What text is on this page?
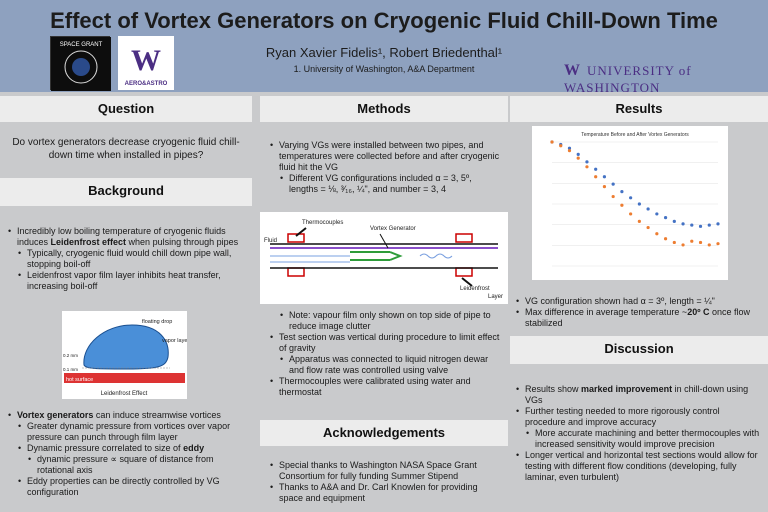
Effect of Vortex Generators on Cryogenic Fluid Chill-Down Time
Ryan Xavier Fidelis¹, Robert Briedenthal¹
1. University of Washington, A&A Department
SPACE GRANT W
AERO&ASTRO
W UNIVERSITY of WASHINGTON
Question
Do vortex generators decrease cryogenic fluid chill-down time when installed in pipes?
Background
• Incredibly low boiling temperature of cryogenic fluids induces Leidenfrost effect when pulsing through pipes
• Typically, cryogenic fluid would chill down pipe wall, stopping boil-off
• Leidenfrost vapor film layer inhibits heat transfer, increasing boil-off
floating drop
vapor layer
hot surface
0.2 mm
0.1 mm
Leidenfrost Effect
• Vortex generators can induce streamwise vortices
• Greater dynamic pressure from vortices over vapor pressure can punch through film layer
• Dynamic pressure correlated to size of eddy
• dynamic pressure ∝ square of distance from rotational axis
• Eddy properties can be directly controlled by VG configuration
Methods
• Varying VGs were installed between two pipes, and temperatures were collected before and after cryogenic fluid hit the VG
• Different VG configurations included α = 3, 5º, lengths = ⅛, ³⁄₁₆, ¼", and number = 3, 4
Thermocouples
Vortex Generator
Fluid
Leidenfrost
Layer
• Note: vapour film only shown on top side of pipe to reduce image clutter
• Test section was vertical during procedure to limit effect of gravity
• Apparatus was connected to liquid nitrogen dewar and flow rate was controlled using valve
• Thermocouples were calibrated using water and thermostat
Acknowledgements
• Special thanks to Washington NASA Space Grant Consortium for fully funding Summer Stipend
• Thanks to A&A and Dr. Carl Knowlen for providing space and equipment
Results
Temperature Before and After Vortex Generators
• VG configuration shown had α = 3º, length = ¼"
• Max difference in average temperature ~20º C once flow stabilized
Discussion
• Results show marked improvement in chill-down using VGs
• Further testing needed to more rigorously control procedure and improve accuracy
• More accurate machining and better thermocouples with increased sensitivity would improve precision
• Longer vertical and horizontal test sections would allow for testing with different flow conditions (developing, fully laminar, even turbulent)
